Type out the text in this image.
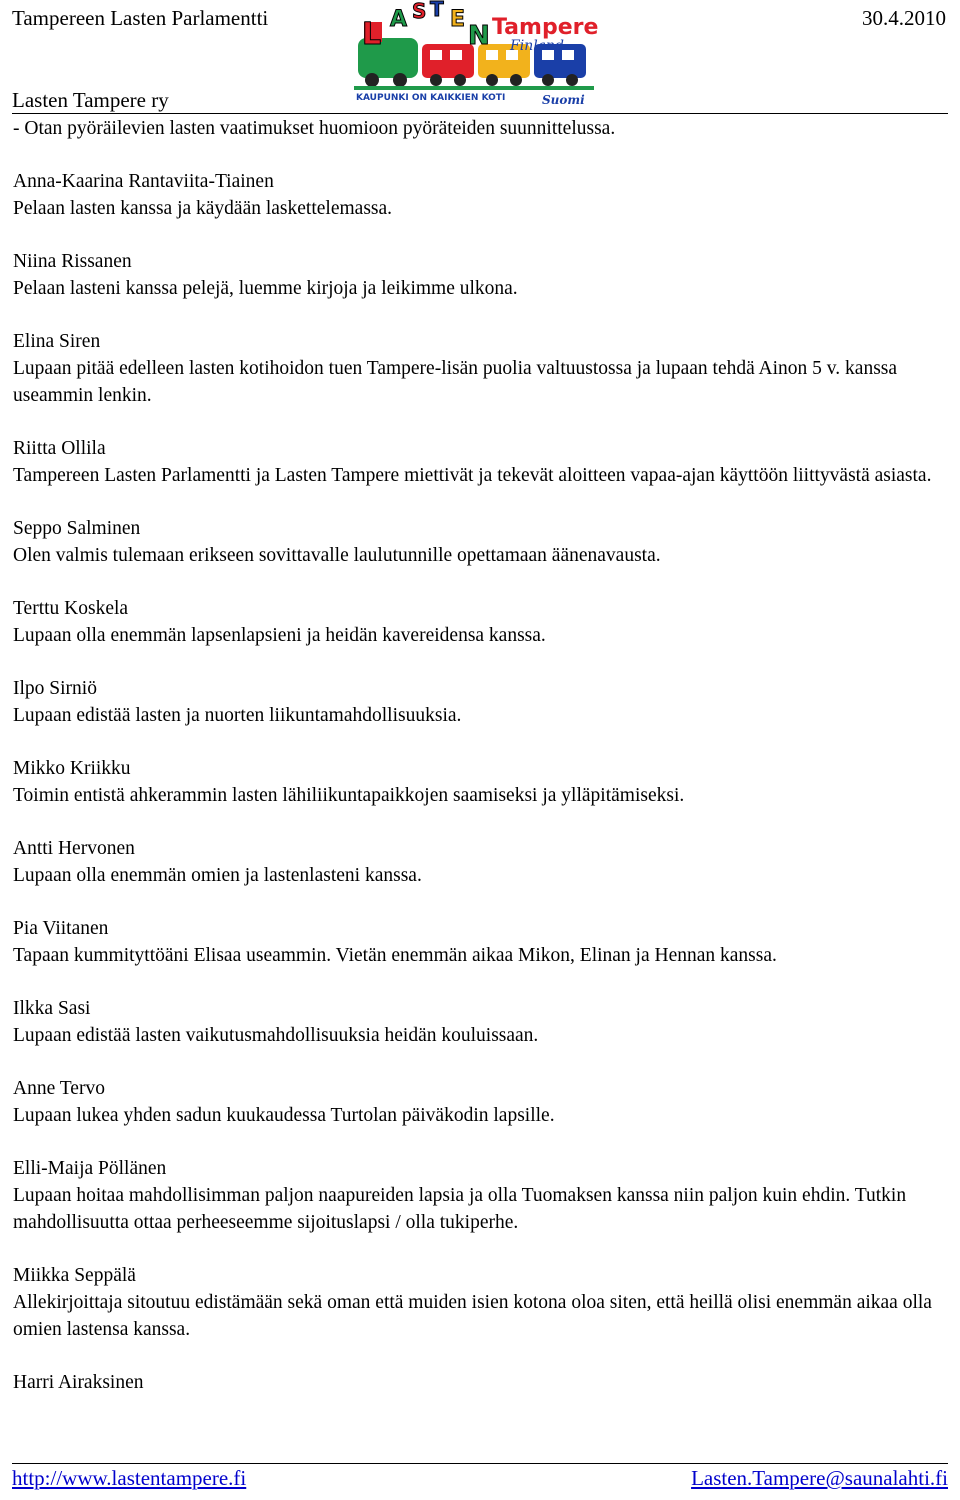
Tampereen Lasten Parlamentti	30.4.2010
Lasten Tampere ry
L A S T E
N Tampere
Finland
KAUPUNKI ON KAIKKIEN KOTI	Suomi

- Otan pyöräilevien lasten vaatimukset huomioon pyöräteiden suunnittelussa.

Anna-Kaarina Rantaviita-Tiainen

Pelaan lasten kanssa ja käydään laskettelemassa.

Niina Rissanen

Pelaan lasteni kanssa pelejä, luemme kirjoja ja leikimme ulkona.

Elina Siren

Lupaan pitää edelleen lasten kotihoidon tuen Tampere-lisän puolia valtuustossa ja lupaan tehdä Ainon 5 v. kanssa useammin lenkin.

Riitta Ollila

Tampereen Lasten Parlamentti ja Lasten Tampere miettivät ja tekevät aloitteen vapaa-ajan käyttöön liittyvästä asiasta.

Seppo Salminen

Olen valmis tulemaan erikseen sovittavalle laulutunnille opettamaan äänenavausta.

Terttu Koskela

Lupaan olla enemmän lapsenlapsieni ja heidän kavereidensa kanssa.

Ilpo Sirniö

Lupaan edistää lasten ja nuorten liikuntamahdollisuuksia.

Mikko Kriikku

Toimin entistä ahkerammin lasten lähiliikuntapaikkojen saamiseksi ja ylläpitämiseksi.

Antti Hervonen

Lupaan olla enemmän omien ja lastenlasteni kanssa.

Pia Viitanen

Tapaan kummityttöäni Elisaa useammin. Vietän enemmän aikaa Mikon, Elinan ja Hennan kanssa.

Ilkka Sasi

Lupaan edistää lasten vaikutusmahdollisuuksia heidän kouluissaan.

Anne Tervo

Lupaan lukea yhden sadun kuukaudessa Turtolan päiväkodin lapsille.

Elli-Maija Pöllänen

Lupaan hoitaa mahdollisimman paljon naapureiden lapsia ja olla Tuomaksen kanssa niin paljon kuin ehdin. Tutkin mahdollisuutta ottaa perheeseemme sijoituslapsi / olla tukiperhe.

Miikka Seppälä

Allekirjoittaja sitoutuu edistämään sekä oman että muiden isien kotona oloa siten, että heillä olisi enemmän aikaa olla omien lastensa kanssa.

Harri Airaksinen

http://www.lastentampere.fi	Lasten.Tampere@saunalahti.fi
